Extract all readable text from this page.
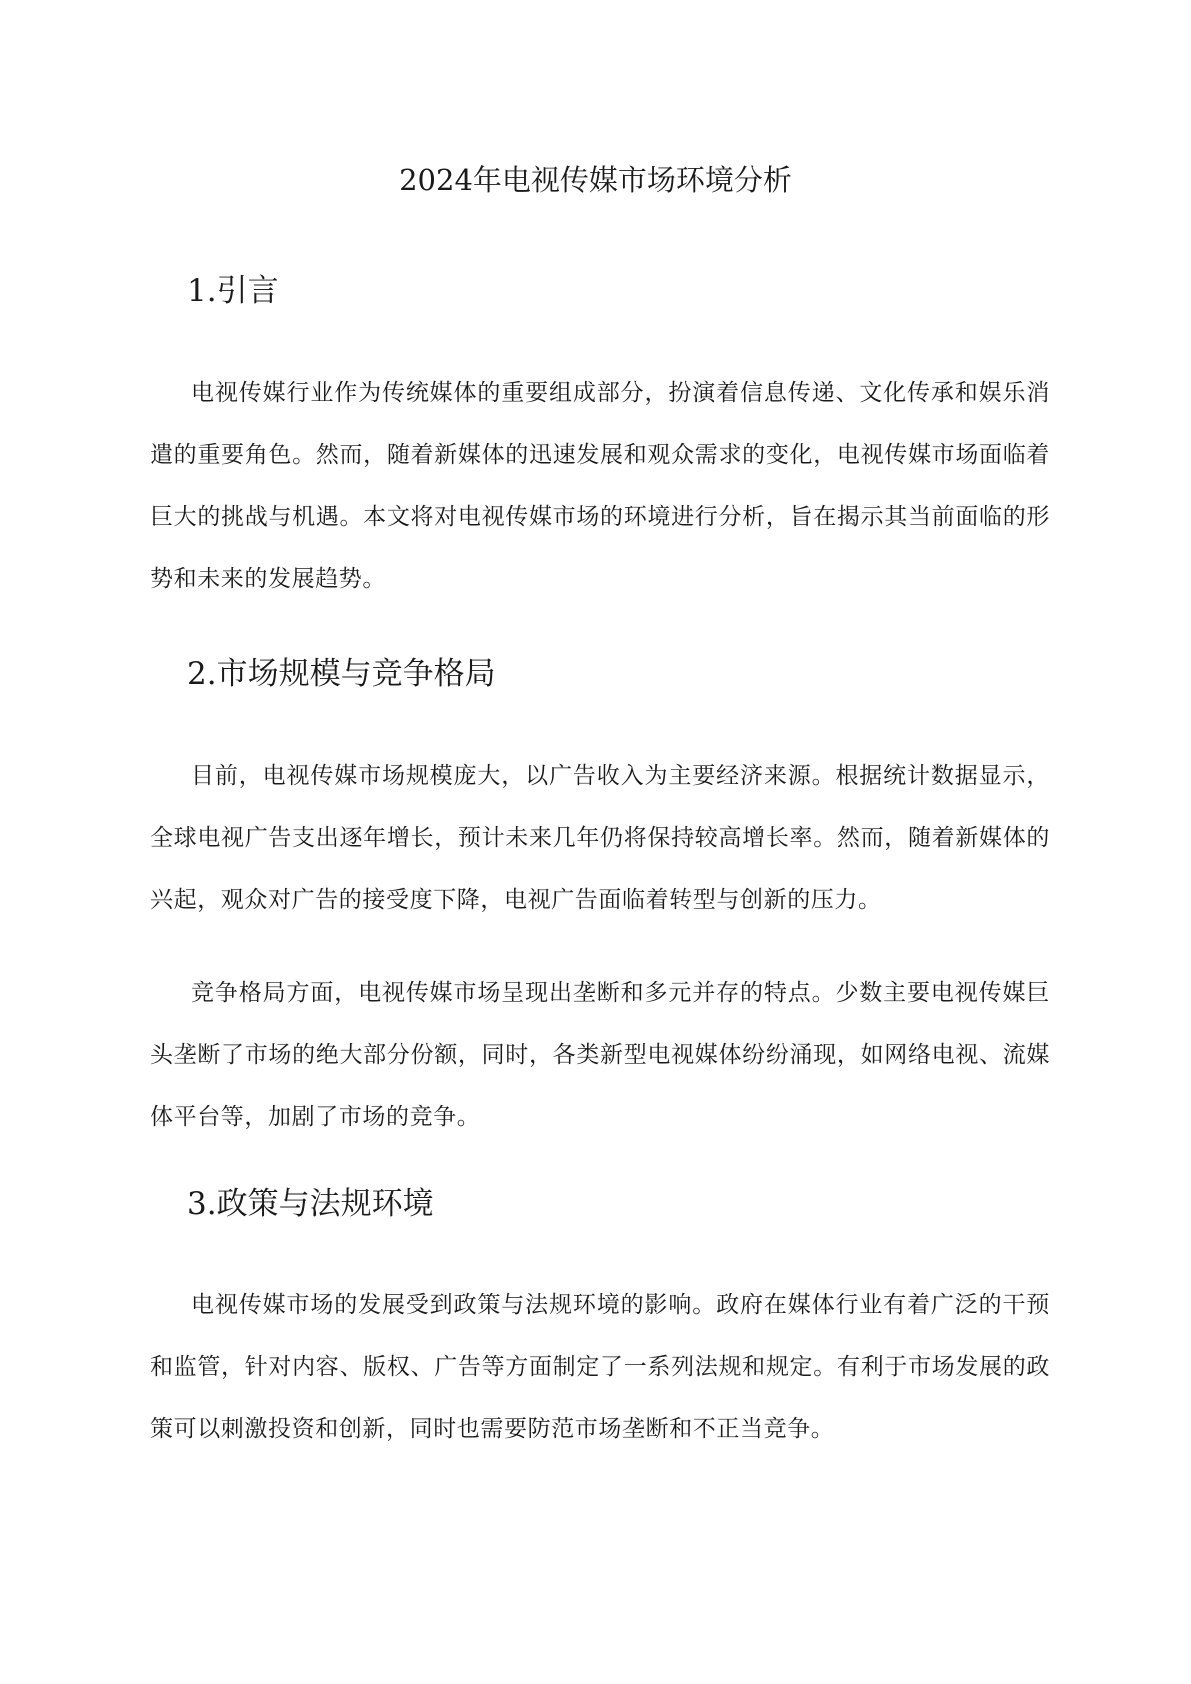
2024年电视传媒市场环境分析
1.引言
电视传媒行业作为传统媒体的重要组成部分，扮演着信息传递、文化传承和娱乐消遣的重要角色。然而，随着新媒体的迅速发展和观众需求的变化，电视传媒市场面临着巨大的挑战与机遇。本文将对电视传媒市场的环境进行分析，旨在揭示其当前面临的形势和未来的发展趋势。
2.市场规模与竞争格局
目前，电视传媒市场规模庞大，以广告收入为主要经济来源。根据统计数据显示，全球电视广告支出逐年增长，预计未来几年仍将保持较高增长率。然而，随着新媒体的兴起，观众对广告的接受度下降，电视广告面临着转型与创新的压力。
竞争格局方面，电视传媒市场呈现出垄断和多元并存的特点。少数主要电视传媒巨头垄断了市场的绝大部分份额，同时，各类新型电视媒体纷纷涌现，如网络电视、流媒体平台等，加剧了市场的竞争。
3.政策与法规环境
电视传媒市场的发展受到政策与法规环境的影响。政府在媒体行业有着广泛的干预和监管，针对内容、版权、广告等方面制定了一系列法规和规定。有利于市场发展的政策可以刺激投资和创新，同时也需要防范市场垄断和不正当竞争。
